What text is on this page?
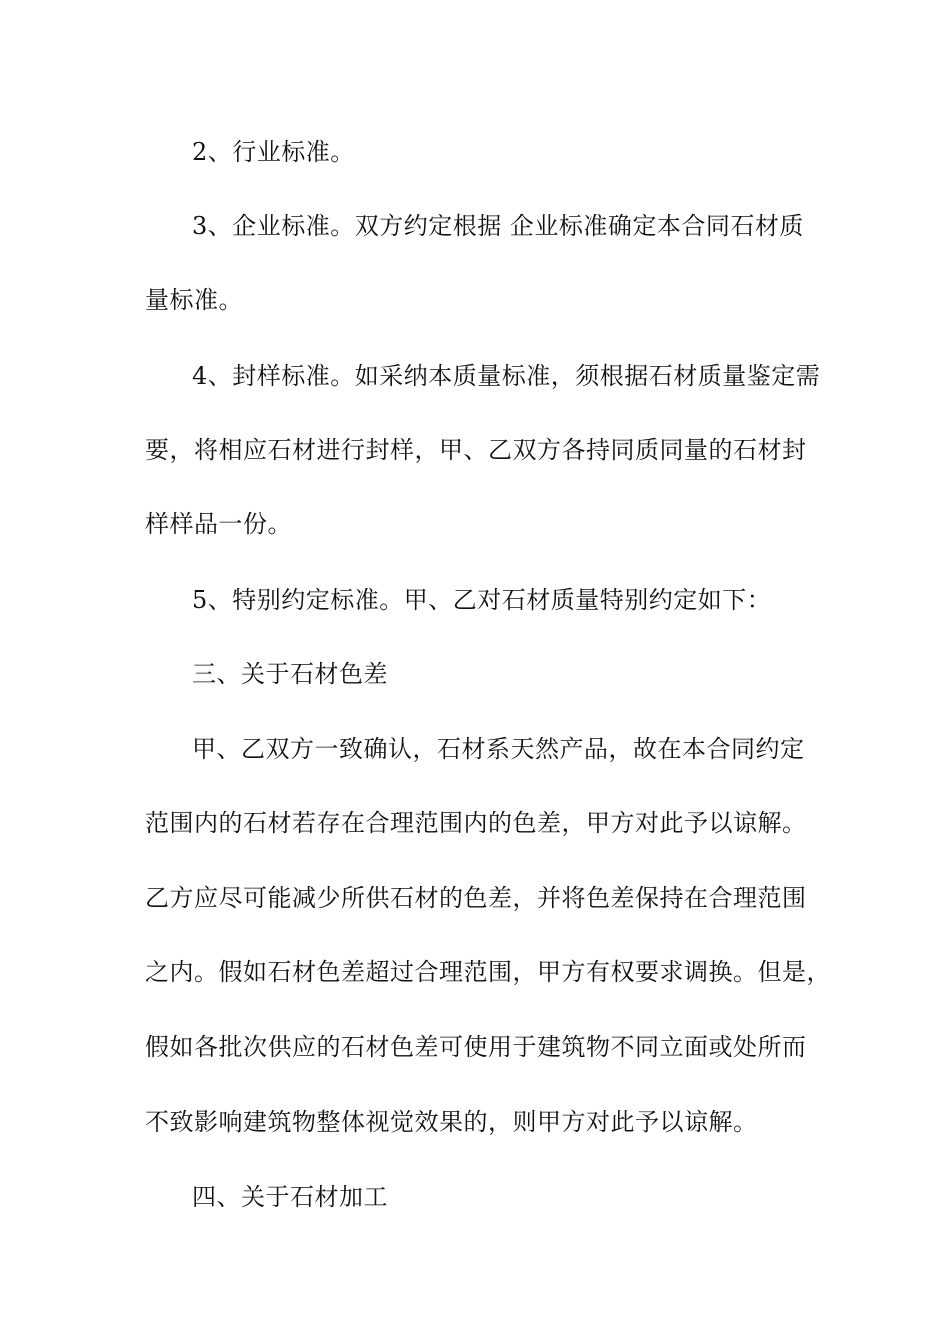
2、行业标准。
3、企业标准。双方约定根据 企业标准确定本合同石材质
量标准。
4、封样标准。如采纳本质量标准，须根据石材质量鉴定需
要，将相应石材进行封样，甲、乙双方各持同质同量的石材封
样样品一份。
5、特别约定标准。甲、乙对石材质量特别约定如下：
三、关于石材色差
甲、乙双方一致确认，石材系天然产品，故在本合同约定
范围内的石材若存在合理范围内的色差，甲方对此予以谅解。
乙方应尽可能减少所供石材的色差，并将色差保持在合理范围
之内。假如石材色差超过合理范围，甲方有权要求调换。但是，
假如各批次供应的石材色差可使用于建筑物不同立面或处所而
不致影响建筑物整体视觉效果的，则甲方对此予以谅解。
四、关于石材加工
